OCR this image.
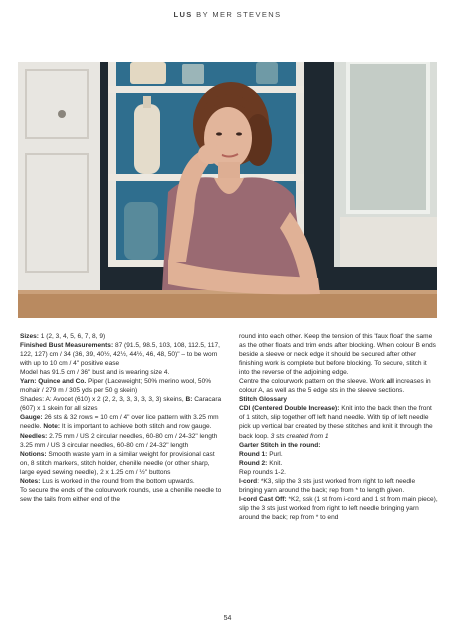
LUS BY MER STEVENS

Sizes: 1 (2, 3, 4, 5, 6, 7, 8, 9)

Finished Bust Measurements: 87 (91.5, 98.5, 103, 108, 112.5, 117, 122, 127) cm / 34 (36, 39, 40½, 42½, 44½, 46, 48, 50)" – to be worn with up to 10 cm / 4" positive ease

Model has 91.5 cm / 36" bust and is wearing size 4.

Yarn: Quince and Co. Piper (Laceweight; 50% merino wool, 50% mohair / 279 m / 305 yds per 50 g skein)

Shades: A: Avocet (610) x 2 (2, 2, 3, 3, 3, 3, 3, 3) skeins, B: Caracara (607) x 1 skein for all sizes

Gauge: 26 sts & 32 rows = 10 cm / 4" over lice pattern with 3.25 mm needle. Note: It is important to achieve both stitch and row gauge.

Needles: 2.75 mm / US 2 circular needles, 60-80 cm / 24-32" length

3.25 mm / US 3 circular needles, 60-80 cm / 24-32" length

Notions: Smooth waste yarn in a similar weight for provisional cast on, 8 stitch markers, stitch holder, chenille needle (or other sharp, large eyed sewing needle), 2 x 1.25 cm / ½" buttons

Notes: Lus is worked in the round from the bottom upwards.

To secure the ends of the colourwork rounds, use a chenille needle to sew the tails from either end of the

round into each other. Keep the tension of this 'faux float' the same as the other floats and trim ends after blocking. When colour B ends beside a sleeve or neck edge it should be secured after other finishing work is complete but before blocking. To secure, stitch it into the reverse of the adjoining edge.

Centre the colourwork pattern on the sleeve. Work all increases in colour A, as well as the 5 edge sts in the sleeve sections.

Stitch Glossary

CDI (Centered Double Increase): Knit into the back then the front of 1 stitch, slip together off left hand needle. With tip of left needle pick up vertical bar created by these stitches and knit it through the back loop. 3 sts created from 1

Garter Stitch in the round:

Round 1: Purl.

Round 2: Knit.

Rep rounds 1-2.

I-cord: *K3, slip the 3 sts just worked from right to left needle bringing yarn around the back; rep from * to length given.

I-cord Cast Off: *K2, ssk (1 st from i-cord and 1 st from main piece), slip the 3 sts just worked from right to left needle bringing yarn around the back; rep from * to end

54
